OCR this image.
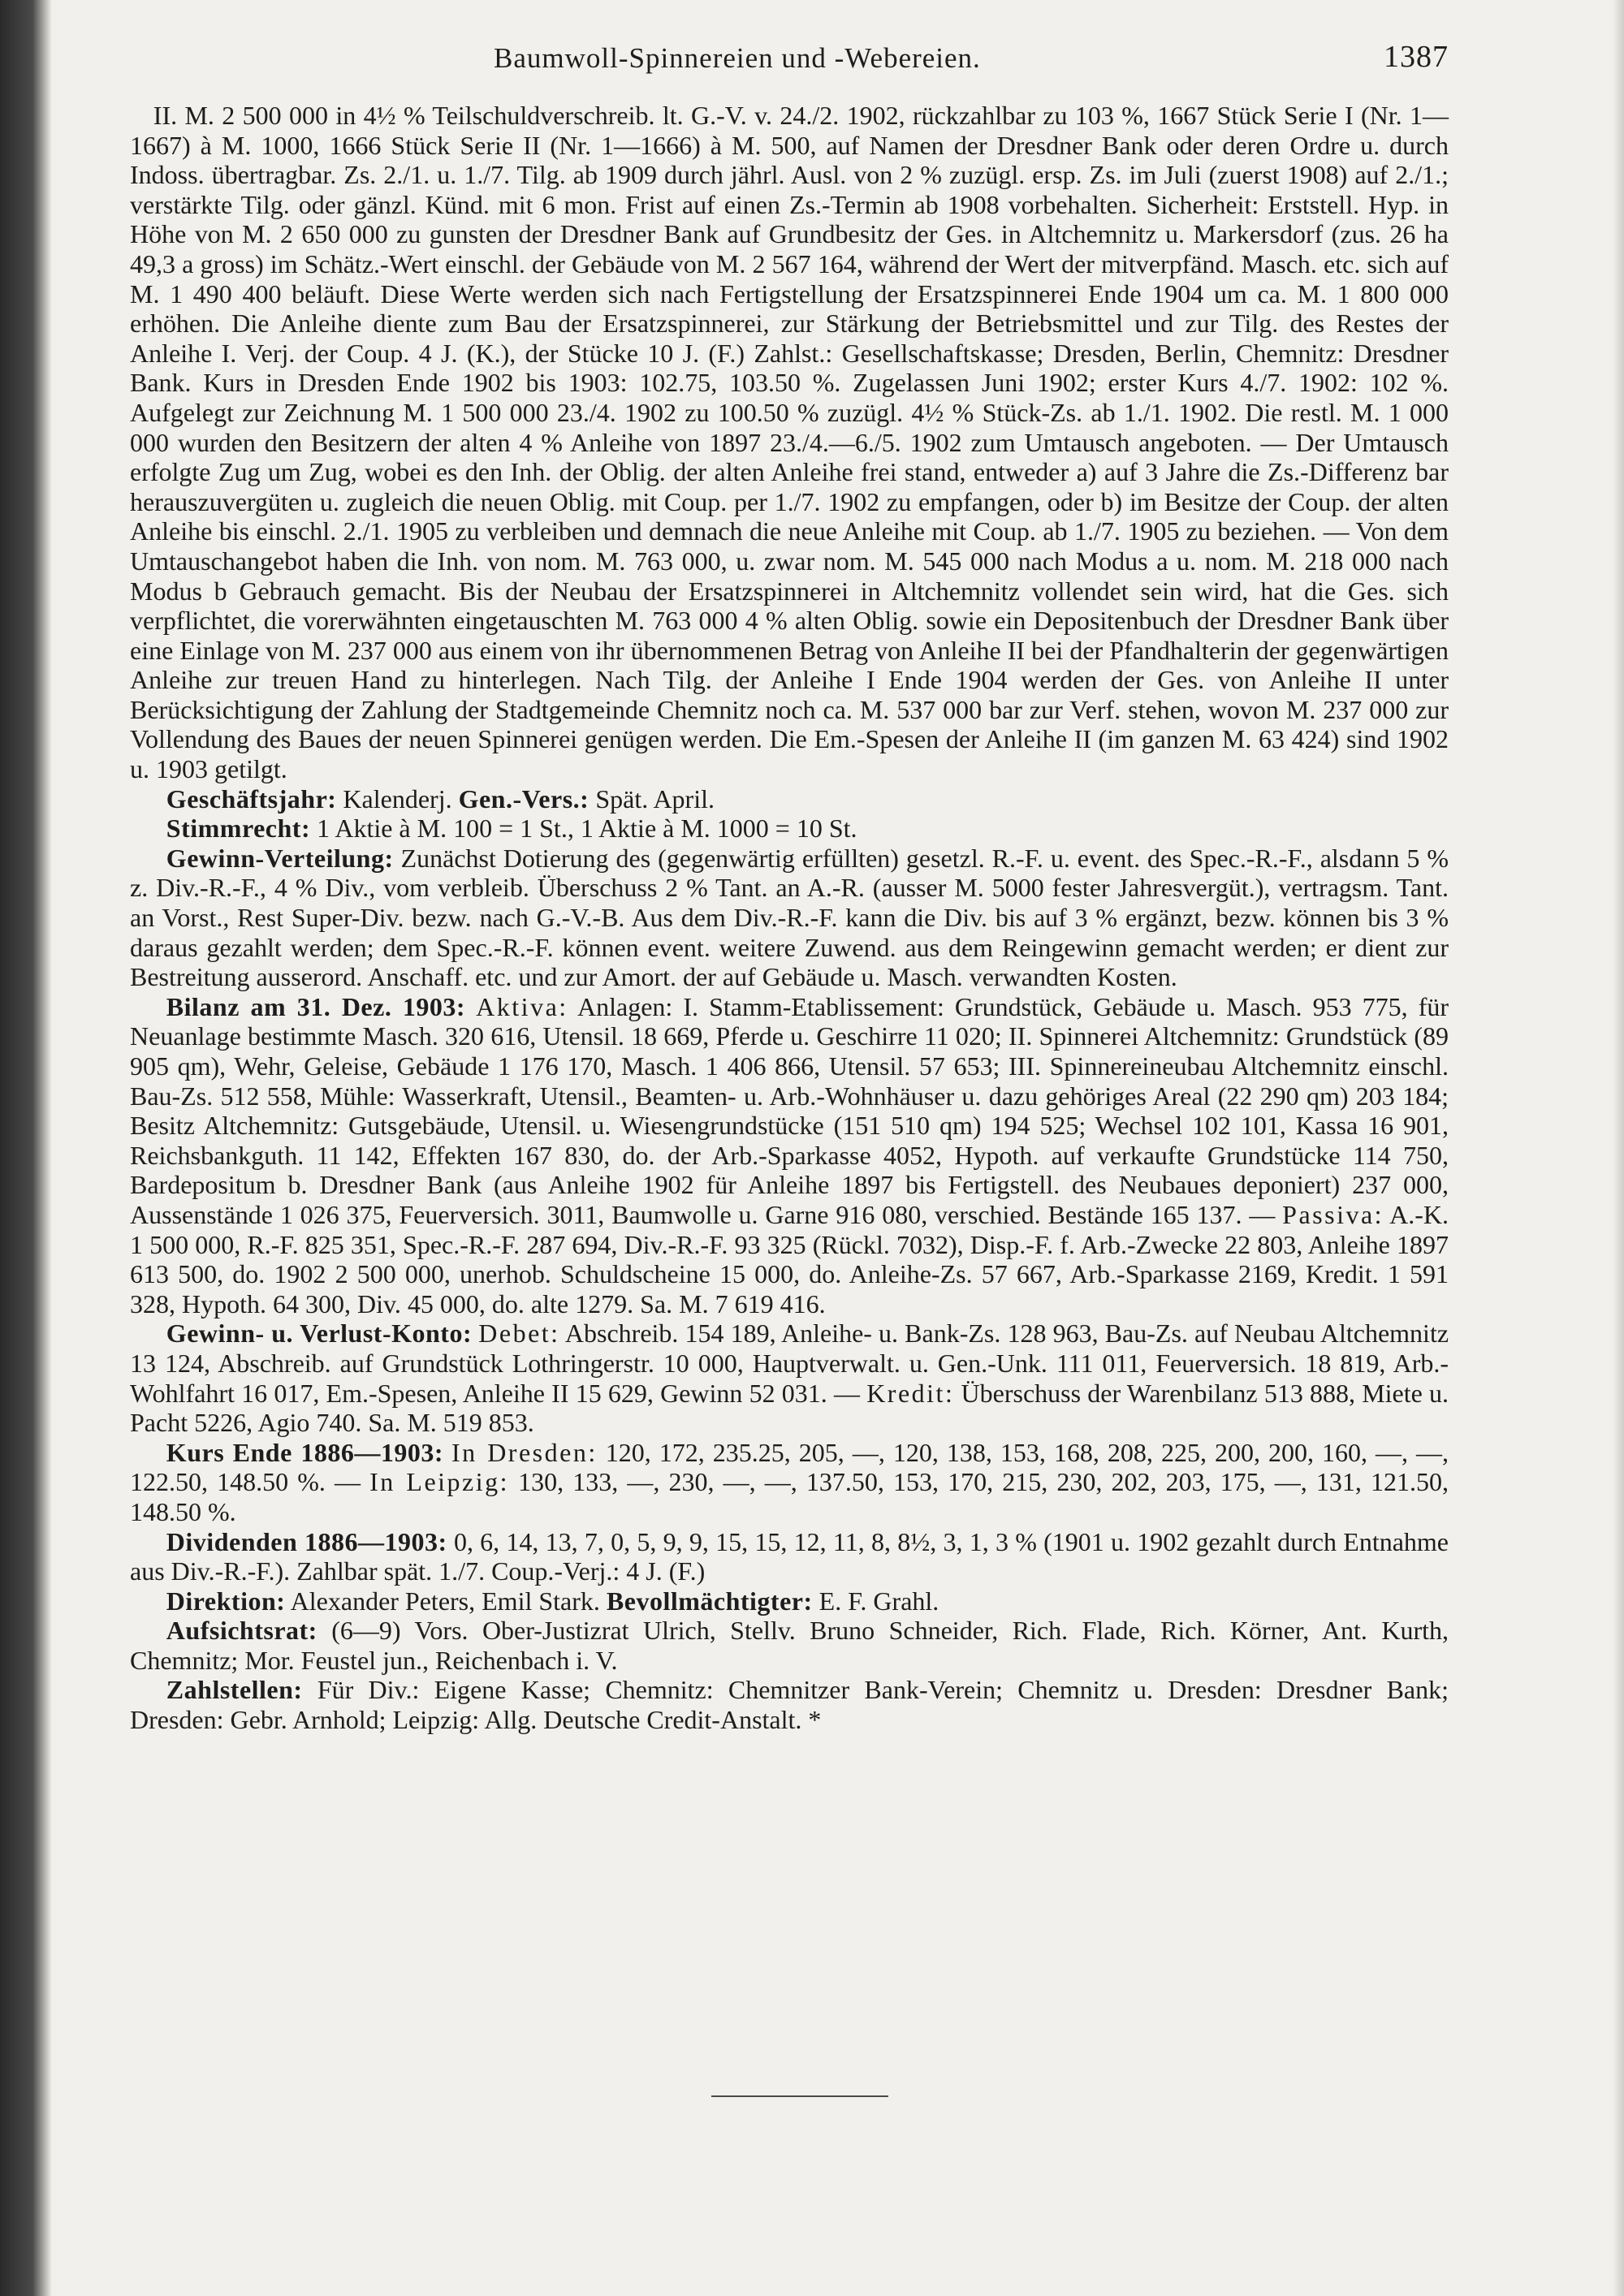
Baumwoll-Spinnereien und -Webereien.	1387

II. M. 2 500 000 in 4½ % Teilschuldverschreib. lt. G.-V. v. 24./2. 1902, rückzahlbar zu 103 %, 1667 Stück Serie I (Nr. 1—1667) à M. 1000, 1666 Stück Serie II (Nr. 1—1666) à M. 500, auf Namen der Dresdner Bank oder deren Ordre u. durch Indoss. übertragbar. Zs. 2./1. u. 1./7. Tilg. ab 1909 durch jährl. Ausl. von 2 % zuzügl. ersp. Zs. im Juli (zuerst 1908) auf 2./1.; verstärkte Tilg. oder gänzl. Künd. mit 6 mon. Frist auf einen Zs.-Termin ab 1908 vorbehalten. Sicherheit: Erststell. Hyp. in Höhe von M. 2 650 000 zu gunsten der Dresdner Bank auf Grundbesitz der Ges. in Altchemnitz u. Markersdorf (zus. 26 ha 49,3 a gross) im Schätz.-Wert einschl. der Gebäude von M. 2 567 164, während der Wert der mitverpfänd. Masch. etc. sich auf M. 1 490 400 beläuft. Diese Werte werden sich nach Fertigstellung der Ersatzspinnerei Ende 1904 um ca. M. 1 800 000 erhöhen. Die Anleihe diente zum Bau der Ersatzspinnerei, zur Stärkung der Betriebsmittel und zur Tilg. des Restes der Anleihe I. Verj. der Coup. 4 J. (K.), der Stücke 10 J. (F.) Zahlst.: Gesellschaftskasse; Dresden, Berlin, Chemnitz: Dresdner Bank. Kurs in Dresden Ende 1902 bis 1903: 102.75, 103.50 %. Zugelassen Juni 1902; erster Kurs 4./7. 1902: 102 %. Aufgelegt zur Zeichnung M. 1 500 000 23./4. 1902 zu 100.50 % zuzügl. 4½ % Stück-Zs. ab 1./1. 1902. Die restl. M. 1 000 000 wurden den Besitzern der alten 4 % Anleihe von 1897 23./4.—6./5. 1902 zum Umtausch angeboten. — Der Umtausch erfolgte Zug um Zug, wobei es den Inh. der Oblig. der alten Anleihe frei stand, entweder a) auf 3 Jahre die Zs.-Differenz bar herauszuvergüten u. zugleich die neuen Oblig. mit Coup. per 1./7. 1902 zu empfangen, oder b) im Besitze der Coup. der alten Anleihe bis einschl. 2./1. 1905 zu verbleiben und demnach die neue Anleihe mit Coup. ab 1./7. 1905 zu beziehen. — Von dem Umtauschangebot haben die Inh. von nom. M. 763 000, u. zwar nom. M. 545 000 nach Modus a u. nom. M. 218 000 nach Modus b Gebrauch gemacht. Bis der Neubau der Ersatzspinnerei in Altchemnitz vollendet sein wird, hat die Ges. sich verpflichtet, die vorerwähnten eingetauschten M. 763 000 4 % alten Oblig. sowie ein Depositenbuch der Dresdner Bank über eine Einlage von M. 237 000 aus einem von ihr übernommenen Betrag von Anleihe II bei der Pfandhalterin der gegenwärtigen Anleihe zur treuen Hand zu hinterlegen. Nach Tilg. der Anleihe I Ende 1904 werden der Ges. von Anleihe II unter Berücksichtigung der Zahlung der Stadtgemeinde Chemnitz noch ca. M. 537 000 bar zur Verf. stehen, wovon M. 237 000 zur Vollendung des Baues der neuen Spinnerei genügen werden. Die Em.-Spesen der Anleihe II (im ganzen M. 63 424) sind 1902 u. 1903 getilgt.

Geschäftsjahr: Kalenderj. Gen.-Vers.: Spät. April.

Stimmrecht: 1 Aktie à M. 100 = 1 St., 1 Aktie à M. 1000 = 10 St.

Gewinn-Verteilung: Zunächst Dotierung des (gegenwärtig erfüllten) gesetzl. R.-F. u. event. des Spec.-R.-F., alsdann 5 % z. Div.-R.-F., 4 % Div., vom verbleib. Überschuss 2 % Tant. an A.-R. (ausser M. 5000 fester Jahresvergüt.), vertragsm. Tant. an Vorst., Rest Super-Div. bezw. nach G.-V.-B. Aus dem Div.-R.-F. kann die Div. bis auf 3 % ergänzt, bezw. können bis 3 % daraus gezahlt werden; dem Spec.-R.-F. können event. weitere Zuwend. aus dem Reingewinn gemacht werden; er dient zur Bestreitung ausserord. Anschaff. etc. und zur Amort. der auf Gebäude u. Masch. verwandten Kosten.

Bilanz am 31. Dez. 1903: Aktiva: Anlagen: I. Stamm-Etablissement: Grundstück, Gebäude u. Masch. 953 775, für Neuanlage bestimmte Masch. 320 616, Utensil. 18 669, Pferde u. Geschirre 11 020; II. Spinnerei Altchemnitz: Grundstück (89 905 qm), Wehr, Geleise, Gebäude 1 176 170, Masch. 1 406 866, Utensil. 57 653; III. Spinnereineubau Altchemnitz einschl. Bau-Zs. 512 558, Mühle: Wasserkraft, Utensil., Beamten- u. Arb.-Wohnhäuser u. dazu gehöriges Areal (22 290 qm) 203 184; Besitz Altchemnitz: Gutsgebäude, Utensil. u. Wiesengrundstücke (151 510 qm) 194 525; Wechsel 102 101, Kassa 16 901, Reichsbankguth. 11 142, Effekten 167 830, do. der Arb.-Sparkasse 4052, Hypoth. auf verkaufte Grundstücke 114 750, Bardepositum b. Dresdner Bank (aus Anleihe 1902 für Anleihe 1897 bis Fertigstell. des Neubaues deponiert) 237 000, Aussenstände 1 026 375, Feuerversich. 3011, Baumwolle u. Garne 916 080, verschied. Bestände 165 137. — Passiva: A.-K. 1 500 000, R.-F. 825 351, Spec.-R.-F. 287 694, Div.-R.-F. 93 325 (Rückl. 7032), Disp.-F. f. Arb.-Zwecke 22 803, Anleihe 1897 613 500, do. 1902 2 500 000, unerhob. Schuldscheine 15 000, do. Anleihe-Zs. 57 667, Arb.-Sparkasse 2169, Kredit. 1 591 328, Hypoth. 64 300, Div. 45 000, do. alte 1279. Sa. M. 7 619 416.

Gewinn- u. Verlust-Konto: Debet: Abschreib. 154 189, Anleihe- u. Bank-Zs. 128 963, Bau-Zs. auf Neubau Altchemnitz 13 124, Abschreib. auf Grundstück Lothringerstr. 10 000, Hauptverwalt. u. Gen.-Unk. 111 011, Feuerversich. 18 819, Arb.-Wohlfahrt 16 017, Em.-Spesen, Anleihe II 15 629, Gewinn 52 031. — Kredit: Überschuss der Warenbilanz 513 888, Miete u. Pacht 5226, Agio 740. Sa. M. 519 853.

Kurs Ende 1886—1903: In Dresden: 120, 172, 235.25, 205, —, 120, 138, 153, 168, 208, 225, 200, 200, 160, —, —, 122.50, 148.50 %. — In Leipzig: 130, 133, —, 230, —, —, 137.50, 153, 170, 215, 230, 202, 203, 175, —, 131, 121.50, 148.50 %.

Dividenden 1886—1903: 0, 6, 14, 13, 7, 0, 5, 9, 9, 15, 15, 12, 11, 8, 8½, 3, 1, 3 % (1901 u. 1902 gezahlt durch Entnahme aus Div.-R.-F.). Zahlbar spät. 1./7. Coup.-Verj.: 4 J. (F.)

Direktion: Alexander Peters, Emil Stark. Bevollmächtigter: E. F. Grahl.

Aufsichtsrat: (6—9) Vors. Ober-Justizrat Ulrich, Stellv. Bruno Schneider, Rich. Flade, Rich. Körner, Ant. Kurth, Chemnitz; Mor. Feustel jun., Reichenbach i. V.

Zahlstellen: Für Div.: Eigene Kasse; Chemnitz: Chemnitzer Bank-Verein; Chemnitz u. Dresden: Dresdner Bank; Dresden: Gebr. Arnhold; Leipzig: Allg. Deutsche Credit-Anstalt. *
